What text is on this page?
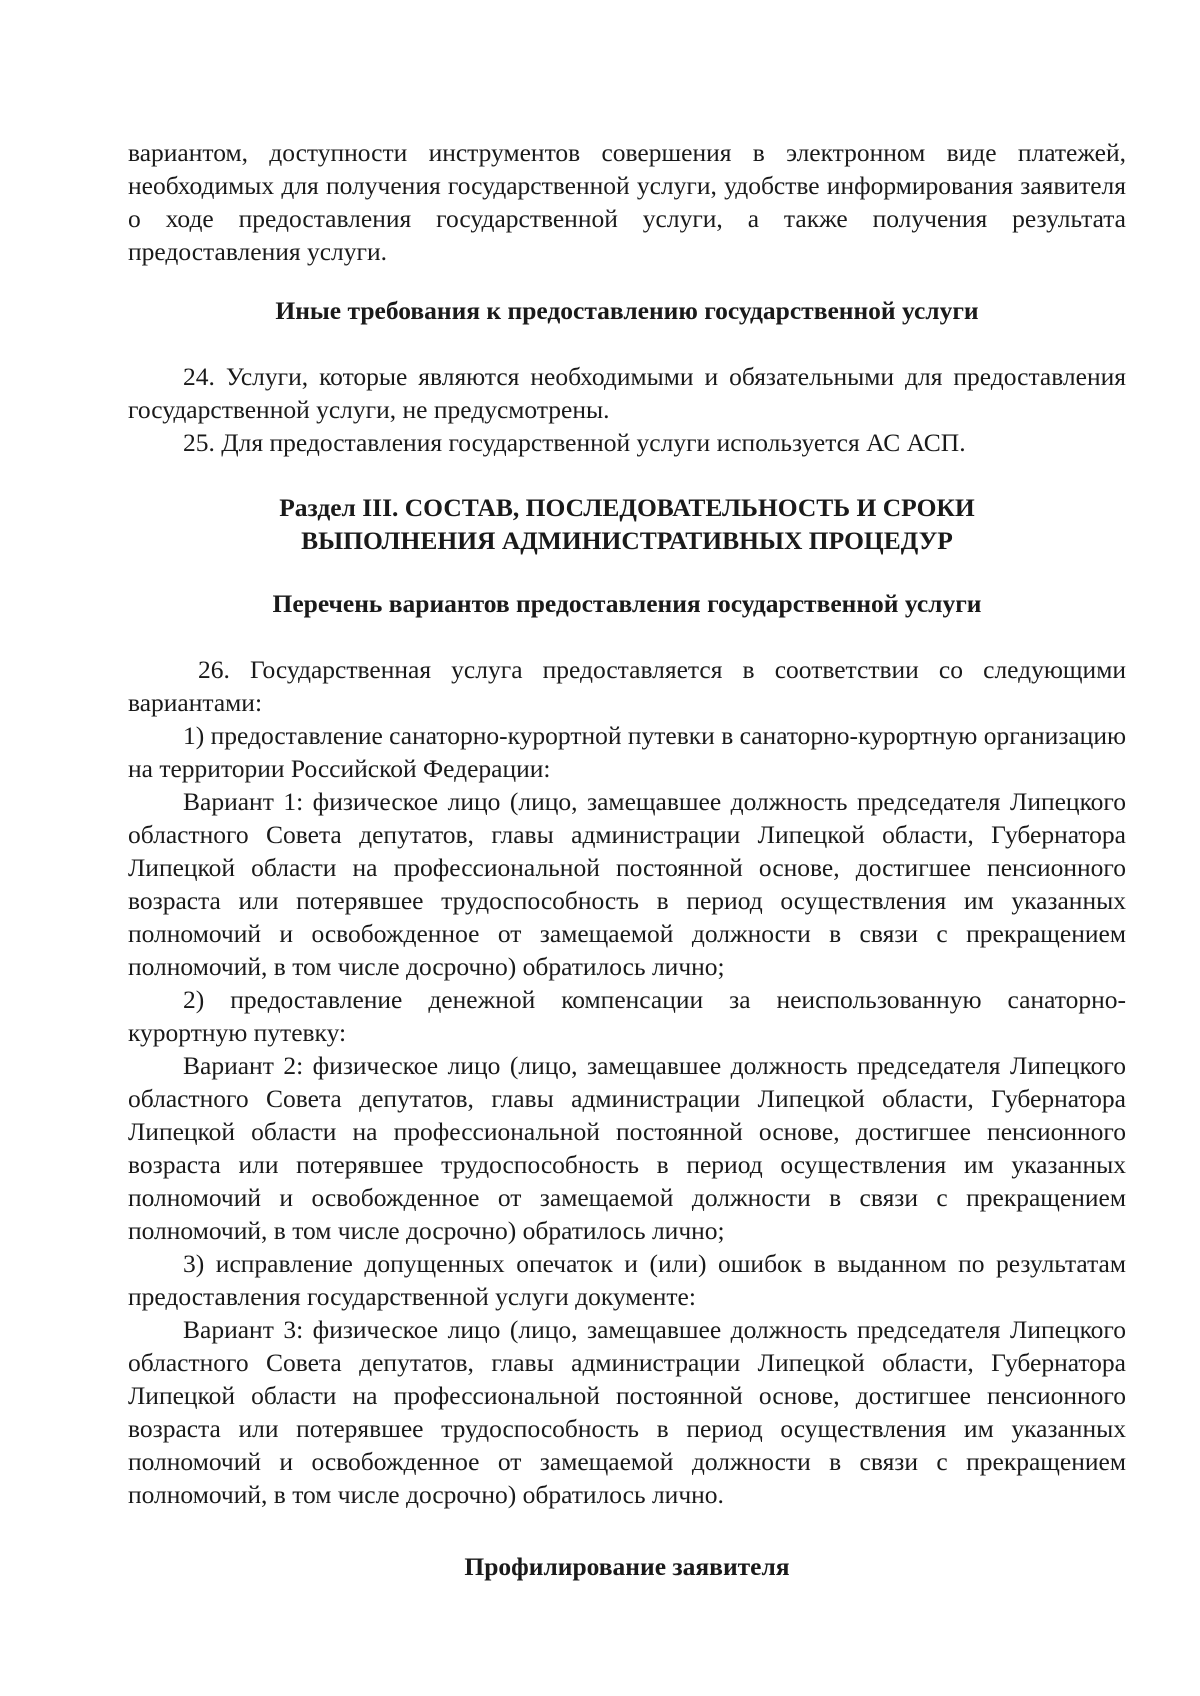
вариантом, доступности инструментов совершения в электронном виде платежей, необходимых для получения государственной услуги, удобстве информирования заявителя о ходе предоставления государственной услуги, а также получения результата предоставления услуги.

Иные требования к предоставлению государственной услуги

24. Услуги, которые являются необходимыми и обязательными для предоставления государственной услуги, не предусмотрены.

25. Для предоставления государственной услуги используется АС АСП.

Раздел III. СОСТАВ, ПОСЛЕДОВАТЕЛЬНОСТЬ И СРОКИ
ВЫПОЛНЕНИЯ АДМИНИСТРАТИВНЫХ ПРОЦЕДУР
Перечень вариантов предоставления государственной услуги

26. Государственная услуга предоставляется в соответствии со следующими вариантами:

1) предоставление санаторно-курортной путевки в санаторно-курортную организацию на территории Российской Федерации:

Вариант 1: физическое лицо (лицо, замещавшее должность председателя Липецкого областного Совета депутатов, главы администрации Липецкой области, Губернатора Липецкой области на профессиональной постоянной основе, достигшее пенсионного возраста или потерявшее трудоспособность в период осуществления им указанных полномочий и освобожденное от замещаемой должности в связи с прекращением полномочий, в том числе досрочно) обратилось лично;

2) предоставление денежной компенсации за неиспользованную санаторно-курортную путевку:

Вариант 2: физическое лицо (лицо, замещавшее должность председателя Липецкого областного Совета депутатов, главы администрации Липецкой области, Губернатора Липецкой области на профессиональной постоянной основе, достигшее пенсионного возраста или потерявшее трудоспособность в период осуществления им указанных полномочий и освобожденное от замещаемой должности в связи с прекращением полномочий, в том числе досрочно) обратилось лично;

3) исправление допущенных опечаток и (или) ошибок в выданном по результатам предоставления государственной услуги документе:

Вариант 3: физическое лицо (лицо, замещавшее должность председателя Липецкого областного Совета депутатов, главы администрации Липецкой области, Губернатора Липецкой области на профессиональной постоянной основе, достигшее пенсионного возраста или потерявшее трудоспособность в период осуществления им указанных полномочий и освобожденное от замещаемой должности в связи с прекращением полномочий, в том числе досрочно) обратилось лично.

Профилирование заявителя
